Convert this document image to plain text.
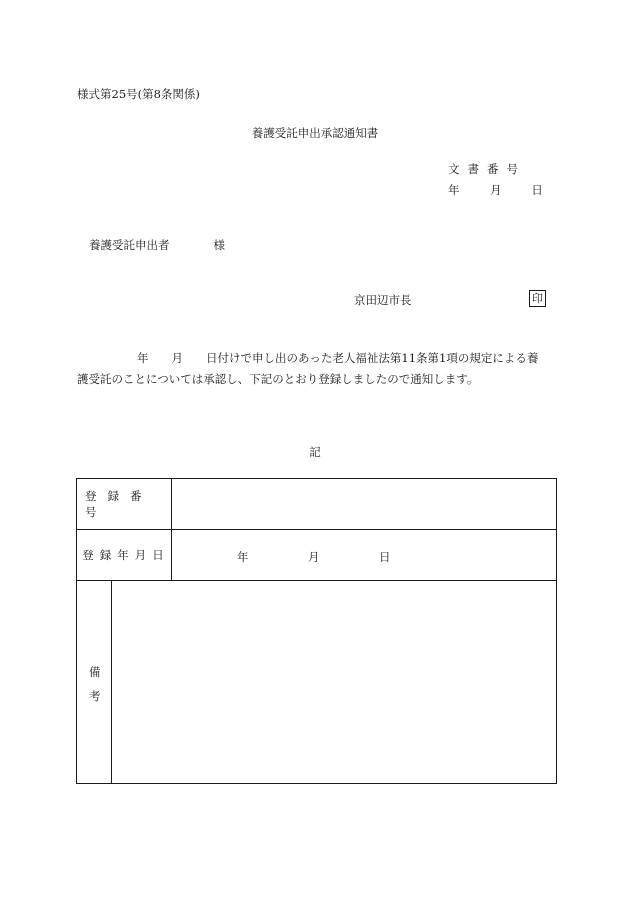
様式第25号(第8条関係)
養護受託申出承認通知書
文書番号
年	月	日
養護受託申出者	様
京田辺市長	印
年　　月　　日付けで申し出のあった老人福祉法第11条第1項の規定による養
護受託のことについては承認し、下記のとおり登録しましたので通知します。
記
登録番号
登録年月日	年	月	日
備
考
